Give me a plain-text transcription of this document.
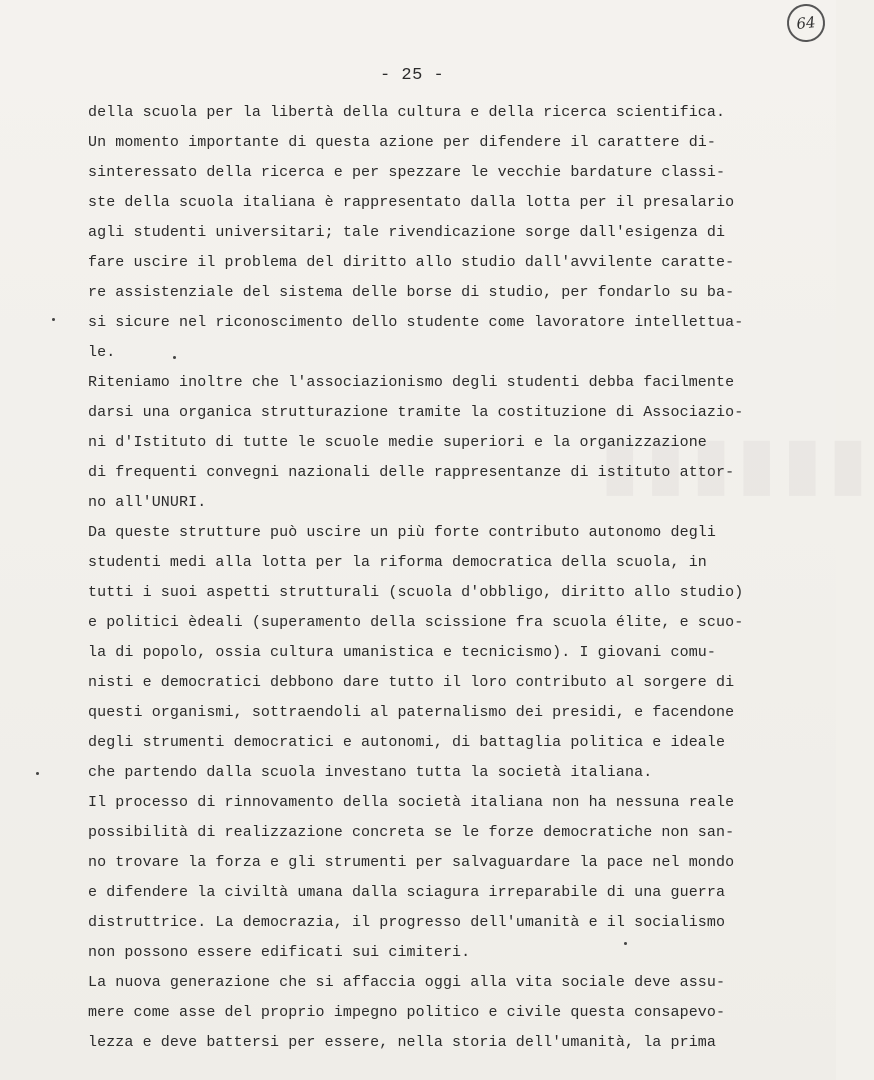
▮▮▮▮▮▮
64
- 25 -
della scuola per la libertà della cultura e della ricerca scientifica.
Un momento importante di questa azione per difendere il carattere di-
sinteressato della ricerca e per spezzare le vecchie bardature classi-
ste della scuola italiana è rappresentato dalla lotta per il presalario
agli studenti universitari; tale rivendicazione sorge dall'esigenza di
fare uscire il problema del diritto allo studio dall'avvilente caratte-
re assistenziale del sistema delle borse di studio, per fondarlo su ba-
si sicure nel riconoscimento dello studente come lavoratore intellettua-
le.
Riteniamo inoltre che l'associazionismo degli studenti debba facilmente
darsi una organica strutturazione tramite la costituzione di Associazio-
ni d'Istituto di tutte le scuole medie superiori e la organizzazione
di frequenti convegni nazionali delle rappresentanze di istituto attor-
no all'UNURI.
Da queste strutture può uscire un più forte contributo autonomo degli
studenti medi alla lotta per la riforma democratica della scuola, in
tutti i suoi aspetti strutturali (scuola d'obbligo, diritto allo studio)
e politici èdeali (superamento della scissione fra scuola élite, e scuo-
la di popolo, ossia cultura umanistica e tecnicismo). I giovani comu-
nisti e democratici debbono dare tutto il loro contributo al sorgere di
questi organismi, sottraendoli al paternalismo dei presidi, e facendone
degli strumenti democratici e autonomi, di battaglia politica e ideale
che partendo dalla scuola investano tutta la società italiana.
Il processo di rinnovamento della società italiana non ha nessuna reale
possibilità di realizzazione concreta se le forze democratiche non san-
no trovare la forza e gli strumenti per salvaguardare la pace nel mondo
e difendere la civiltà umana dalla sciagura irreparabile di una guerra
distruttrice. La democrazia, il progresso dell'umanità e il socialismo
non possono essere edificati sui cimiteri.
La nuova generazione che si affaccia oggi alla vita sociale deve assu-
mere come asse del proprio impegno politico e civile questa consapevo-
lezza e deve battersi per essere, nella storia dell'umanità, la prima
